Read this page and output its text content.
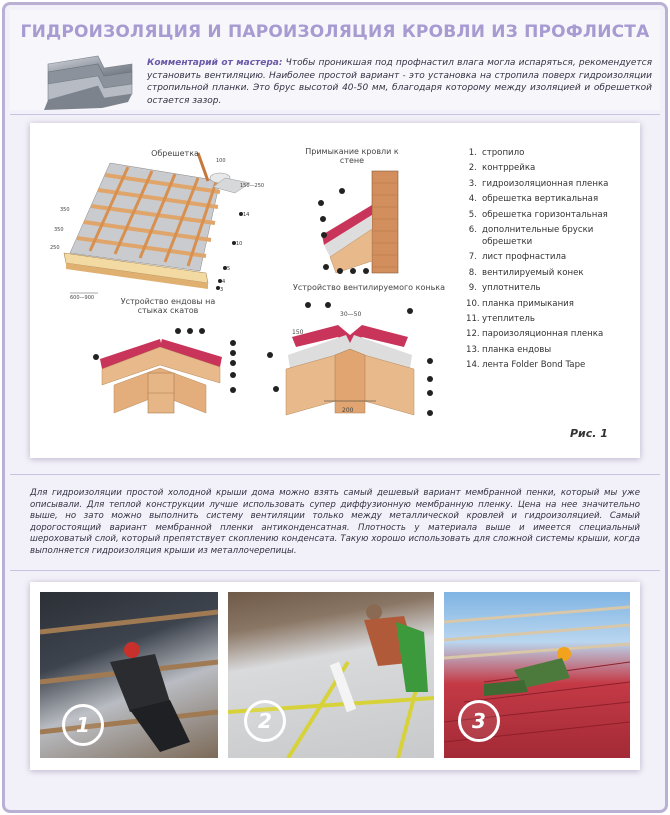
ГИДРОИЗОЛЯЦИЯ И ПАРОИЗОЛЯЦИЯ КРОВЛИ ИЗ ПРОФЛИСТА
Комментарий от мастера: Чтобы проникшая под профнастил влага могла испаряться, рекомендуется установить вентиляцию. Наиболее простой вариант - это установка на стропила поверх гидроизоляции стропильной планки. Это брус высотой 40-50 мм, благодаря которому между изоляцией и обрешеткой остается зазор.
14
10
5
4
3
Обрешетка	Примыкание кровли к стене
Устройство ендовы на стыках скатов
Устройство вентилируемого конька
100
150—250
350
350
250
600—900
30—50
150
200
1. стропило
2. контррейка
3. гидроизоляционная пленка
4. обрешетка вертикальная
5. обрешетка горизонтальная
6. дополнительные бруски обрешетки
7. лист профнастила
8. вентилируемый конек
9. уплотнитель
10. планка примыкания
11. утеплитель
12. пароизоляционная пленка
13. планка ендовы
14. лента Folder Bond Tape
Рис. 1
Для гидроизоляции простой холодной крыши дома можно взять самый дешевый вариант мембранной пенки, который мы уже описывали. Для теплой конструкции лучше использовать супер диффузионную мембранную пленку. Цена на нее значительно выше, но зато можно выполнить систему вентиляции только между металлической кровлей и гидроизоляцией. Самый дорогостоящий вариант мембранной пленки антиконденсатная. Плотность у материала выше и имеется специальный шероховатый слой, который препятствует скоплению конденсата. Такую хорошо использовать для сложной системы крыши, когда выполняется гидроизоляция крыши из металлочерепицы.
1	2	3
